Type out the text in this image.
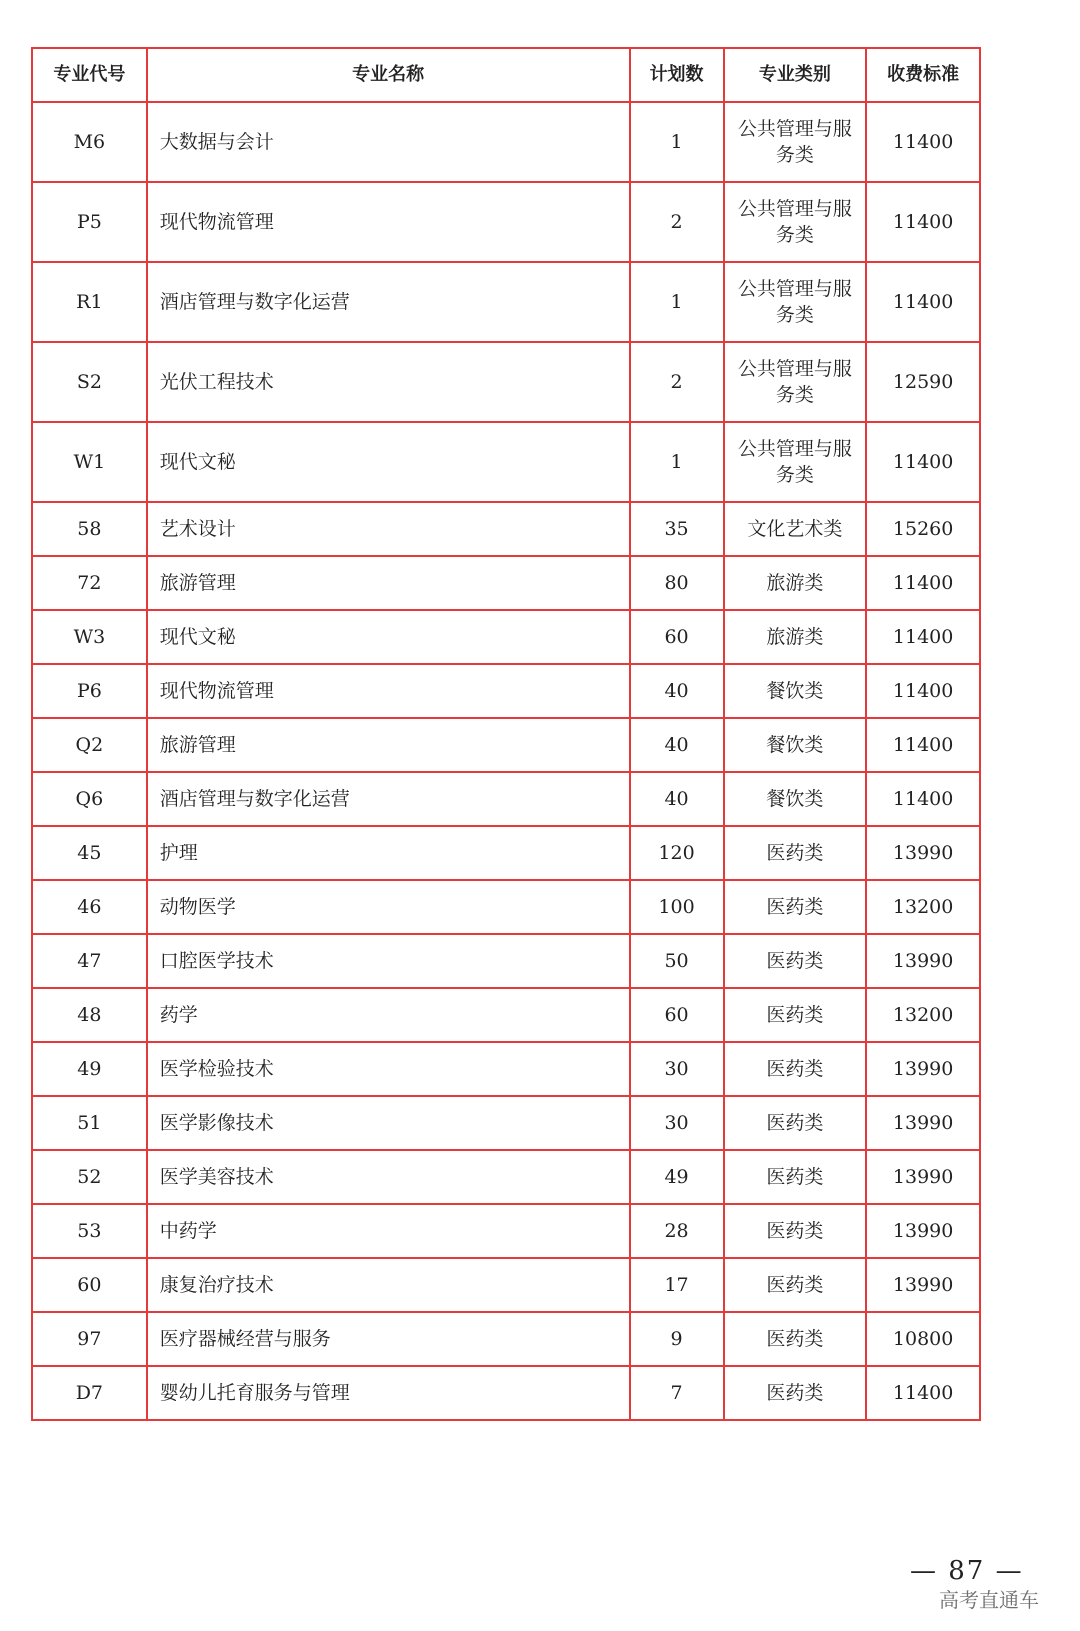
专业代号	专业名称	计划数	专业类别	收费标准
M6	大数据与会计	1	公共管理与服务类	11400
P5	现代物流管理	2	公共管理与服务类	11400
R1	酒店管理与数字化运营	1	公共管理与服务类	11400
S2	光伏工程技术	2	公共管理与服务类	12590
W1	现代文秘	1	公共管理与服务类	11400
58	艺术设计	35	文化艺术类	15260
72	旅游管理	80	旅游类	11400
W3	现代文秘	60	旅游类	11400
P6	现代物流管理	40	餐饮类	11400
Q2	旅游管理	40	餐饮类	11400
Q6	酒店管理与数字化运营	40	餐饮类	11400
45	护理	120	医药类	13990
46	动物医学	100	医药类	13200
47	口腔医学技术	50	医药类	13990
48	药学	60	医药类	13200
49	医学检验技术	30	医药类	13990
51	医学影像技术	30	医药类	13990
52	医学美容技术	49	医药类	13990
53	中药学	28	医药类	13990
60	康复治疗技术	17	医药类	13990
97	医疗器械经营与服务	9	医药类	10800
D7	婴幼儿托育服务与管理	7	医药类	11400
— 87 —
高考直通车
